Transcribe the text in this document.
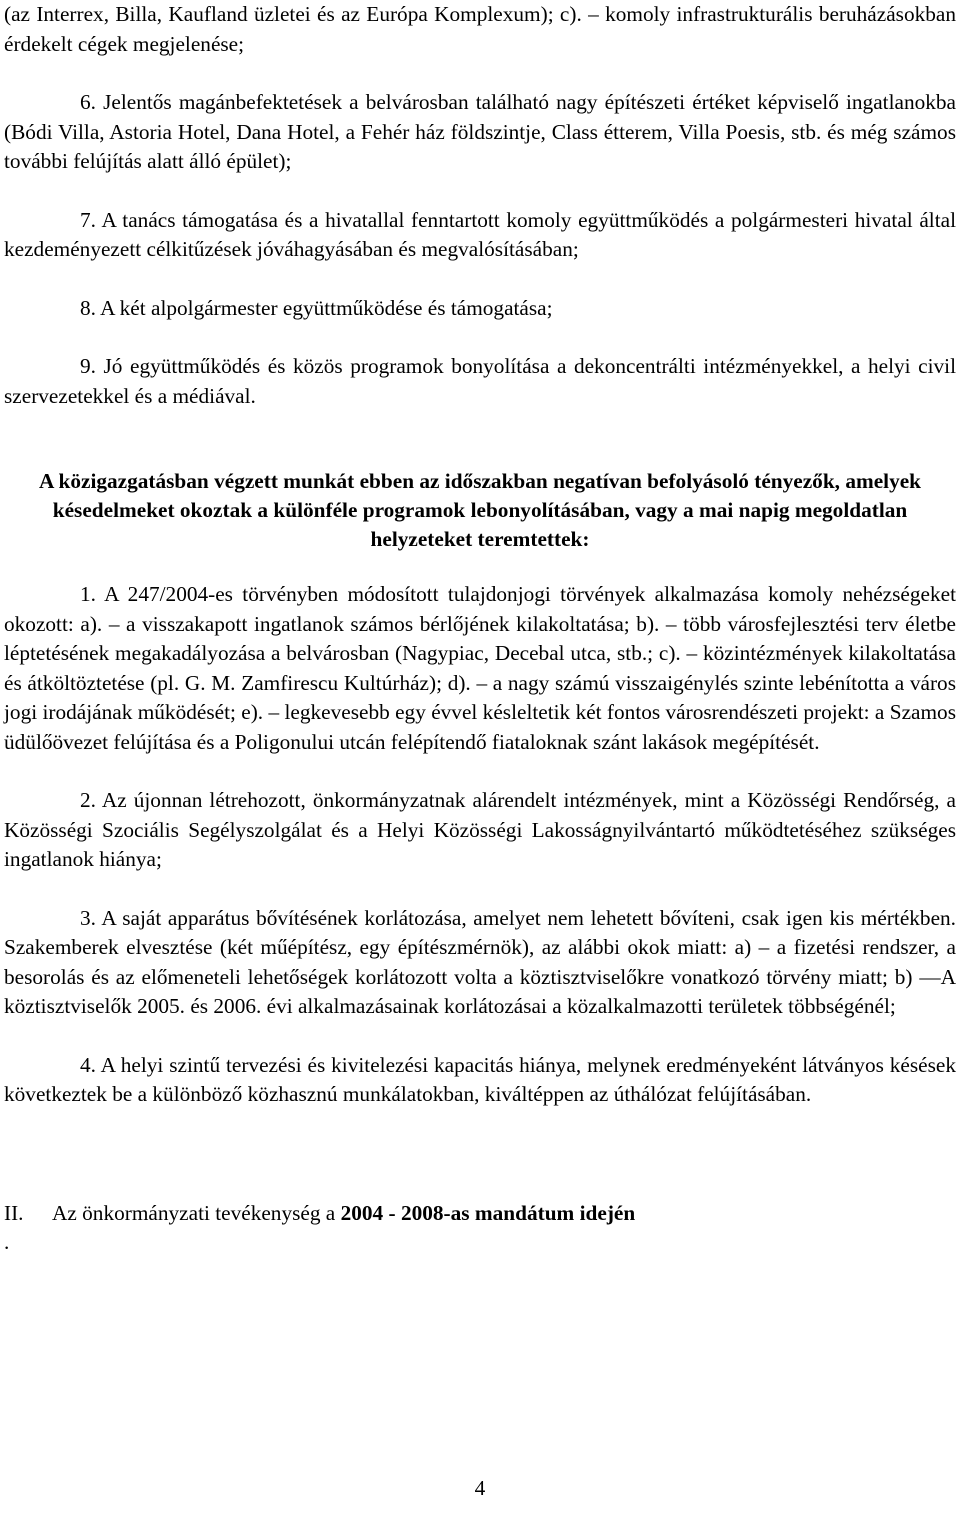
(az Interrex, Billa, Kaufland üzletei és az Európa Komplexum); c). – komoly infrastrukturális beruházásokban érdekelt cégek megjelenése;

6. Jelentős magánbefektetések a belvárosban található nagy építészeti értéket képviselő ingatlanokba (Bódi Villa, Astoria Hotel, Dana Hotel, a Fehér ház földszintje, Class étterem, Villa Poesis, stb. és még számos további felújítás alatt álló épület);

7. A tanács támogatása és a hivatallal fenntartott komoly együttműködés a polgármesteri hivatal által kezdeményezett célkitűzések jóváhagyásában és megvalósításában;

8. A két alpolgármester együttműködése és támogatása;

9. Jó együttműködés és közös programok bonyolítása a dekoncentrálti intézményekkel, a helyi civil szervezetekkel és a médiával.

A közigazgatásban végzett munkát ebben az időszakban negatívan befolyásoló tényezők, amelyek késedelmeket okoztak a különféle programok lebonyolításában, vagy a mai napig megoldatlan helyzeteket teremtettek:

1. A 247/2004-es törvényben módosított tulajdonjogi törvények alkalmazása komoly nehézségeket okozott: a). – a visszakapott ingatlanok számos bérlőjének kilakoltatása; b). – több városfejlesztési terv életbe léptetésének megakadályozása a belvárosban (Nagypiac, Decebal utca, stb.; c). – közintézmények kilakoltatása és átköltöztetése (pl. G. M. Zamfirescu Kultúrház); d). – a nagy számú visszaigénylés szinte lebénította a város jogi irodájának működését; e). – legkevesebb egy évvel késleltetik két fontos városrendészeti projekt: a Szamos üdülőövezet felújítása és a Poligonului utcán felépítendő fiataloknak szánt lakások megépítését.

2. Az újonnan létrehozott, önkormányzatnak alárendelt intézmények, mint a Közösségi Rendőrség, a Közösségi Szociális Segélyszolgálat és a Helyi Közösségi Lakosságnyilvántartó működtetéséhez szükséges ingatlanok hiánya;

3. A saját apparátus bővítésének korlátozása, amelyet nem lehetett bővíteni, csak igen kis mértékben. Szakemberek elvesztése (két műépítész, egy építészmérnök), az alábbi okok miatt: a) – a fizetési rendszer, a besorolás és az előmeneteli lehetőségek korlátozott volta a köztisztviselőkre vonatkozó törvény miatt; b) —A köztisztviselők 2005. és 2006. évi alkalmazásainak korlátozásai a közalkalmazotti területek többségénél;

4. A helyi szintű tervezési és kivitelezési kapacitás hiánya, melynek eredményeként látványos késések következtek be a különböző közhasznú munkálatokban, kiváltéppen az úthálózat felújításában.

II. Az önkormányzati tevékenység a 2004 - 2008-as mandátum idején

.

4
